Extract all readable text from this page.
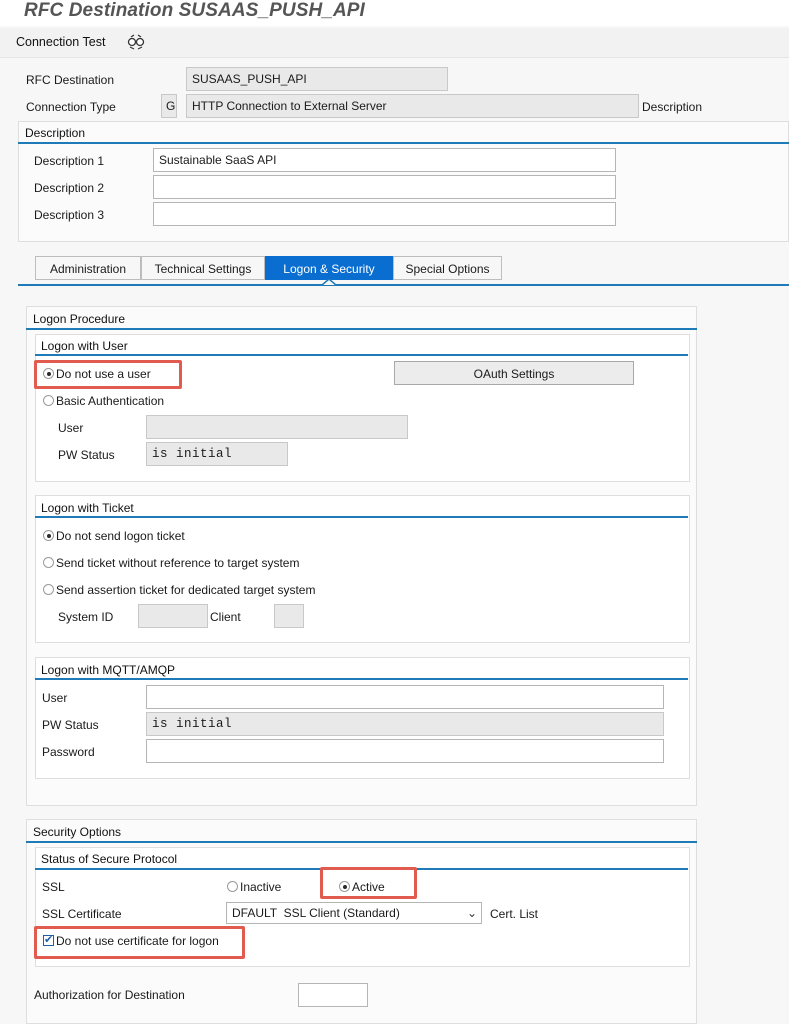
RFC Destination SUSAAS_PUSH_API
Connection Test
RFC Destination	SUSAAS_PUSH_API
Connection Type	G	HTTP Connection to External Server	Description
Description
Description 1	Sustainable SaaS API
Description 2
Description 3
Administration	Technical Settings	Logon & Security	Special Options
Logon Procedure
Logon with User
Do not use a user
Basic Authentication
OAuth Settings
User
PW Status	is initial
Logon with Ticket
Do not send logon ticket
Send ticket without reference to target system
Send assertion ticket for dedicated target system
System ID	Client
Logon with MQTT/AMQP
User
PW Status	is initial
Password
Security Options
Status of Secure Protocol
SSL	Inactive	Active
SSL Certificate	DFAULT  SSL Client (Standard)	⌄ Cert. List
✔
Do not use certificate for logon
Authorization for Destination
